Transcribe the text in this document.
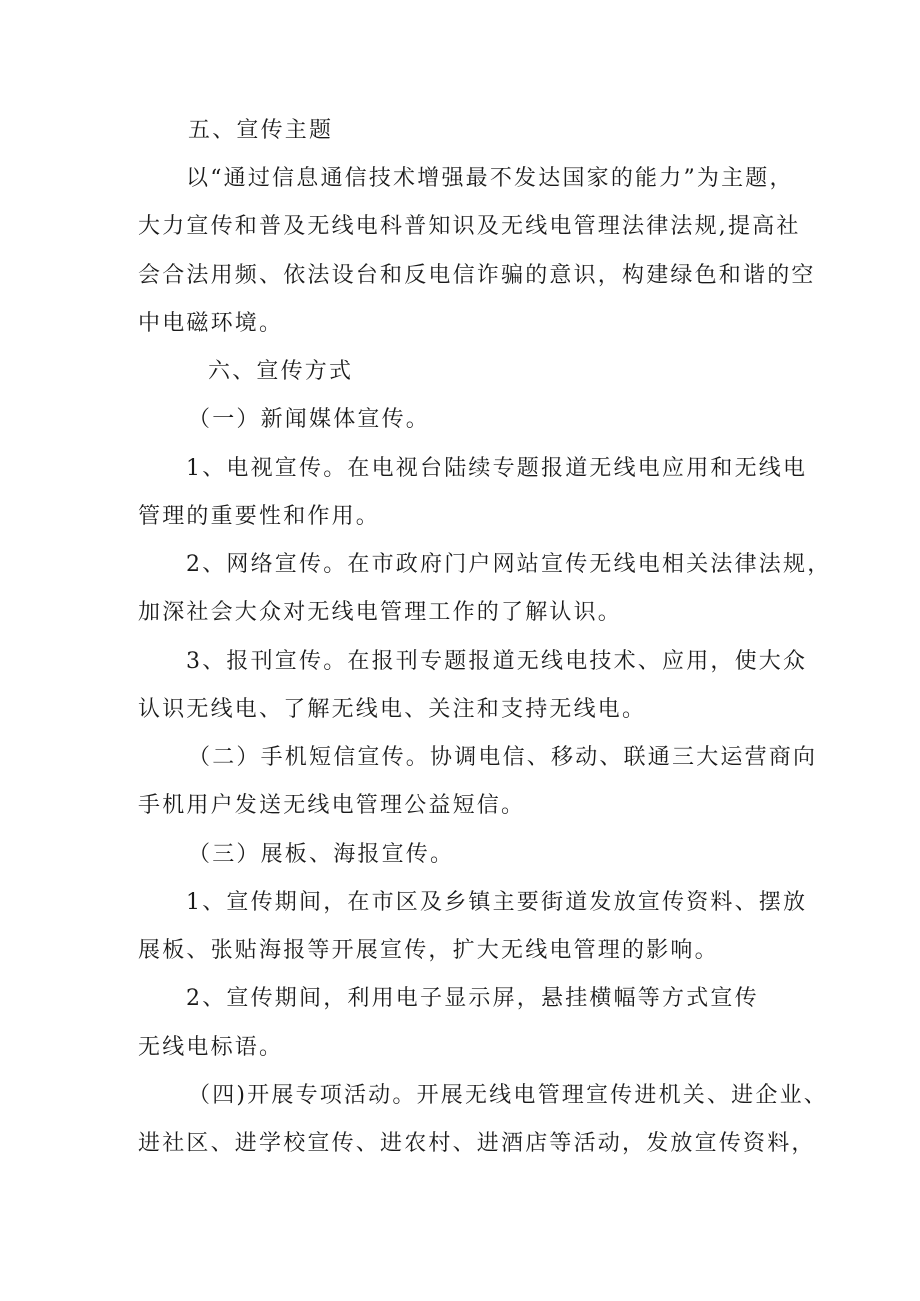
五、宣传主题
以“通过信息通信技术增强最不发达国家的能力”为主题，
大力宣传和普及无线电科普知识及无线电管理法律法规,提高社
会合法用频、依法设台和反电信诈骗的意识，构建绿色和谐的空
中电磁环境。
六、宣传方式
（一）新闻媒体宣传。
1、电视宣传。在电视台陆续专题报道无线电应用和无线电
管理的重要性和作用。
2、网络宣传。在市政府门户网站宣传无线电相关法律法规，
加深社会大众对无线电管理工作的了解认识。
3、报刊宣传。在报刊专题报道无线电技术、应用，使大众
认识无线电、了解无线电、关注和支持无线电。
（二）手机短信宣传。协调电信、移动、联通三大运营商向
手机用户发送无线电管理公益短信。
（三）展板、海报宣传。
1、宣传期间，在市区及乡镇主要街道发放宣传资料、摆放
展板、张贴海报等开展宣传，扩大无线电管理的影响。
2、宣传期间，利用电子显示屏，悬挂横幅等方式宣传
无线电标语。
（四)开展专项活动。开展无线电管理宣传进机关、进企业、
进社区、进学校宣传、进农村、进酒店等活动，发放宣传资料，
